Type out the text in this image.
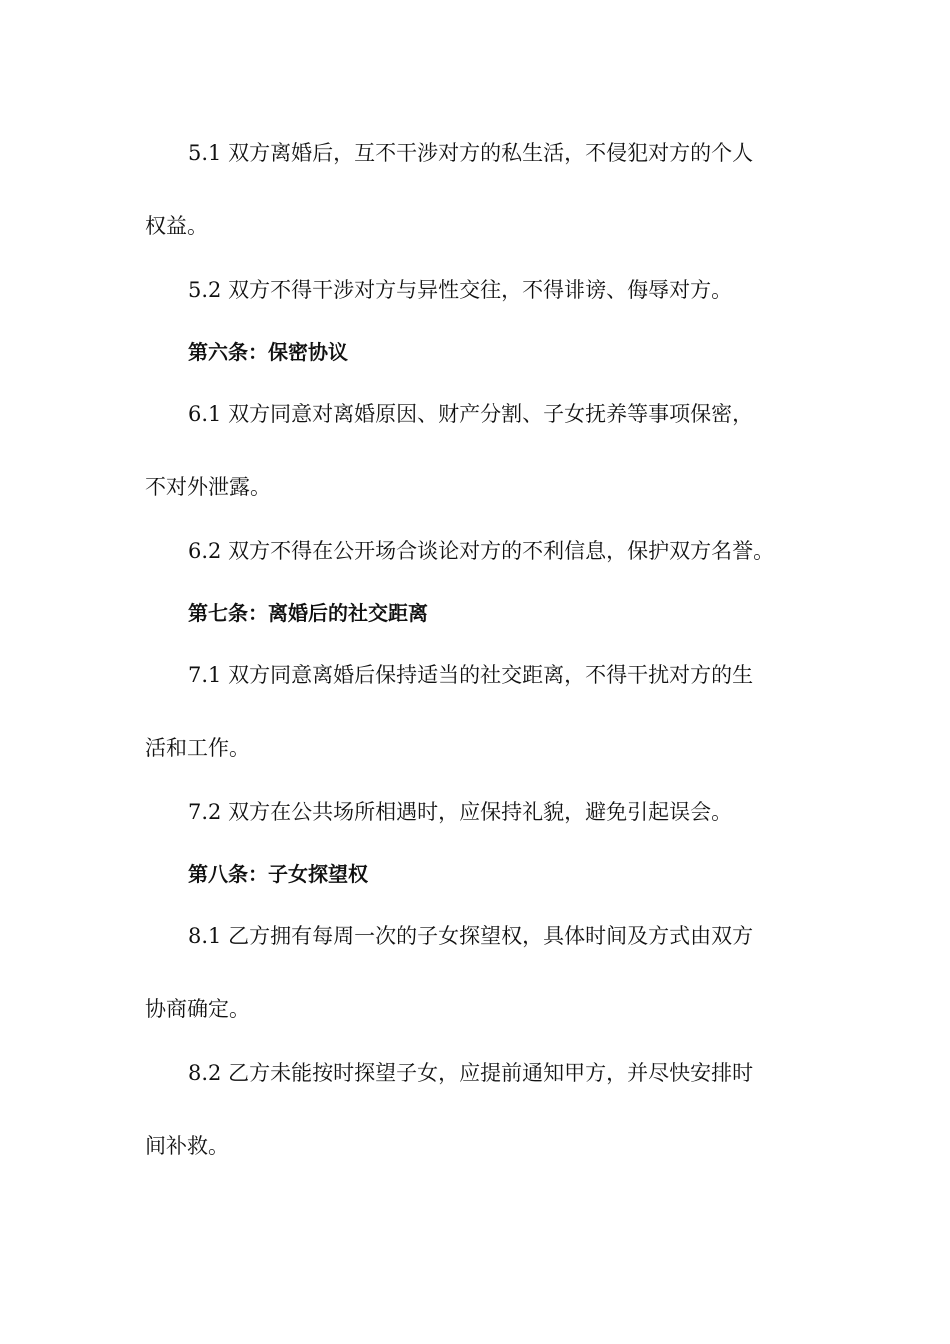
5.1 双方离婚后，互不干涉对方的私生活，不侵犯对方的个人
权益。
5.2 双方不得干涉对方与异性交往，不得诽谤、侮辱对方。
第六条：保密协议
6.1 双方同意对离婚原因、财产分割、子女抚养等事项保密，
不对外泄露。
6.2 双方不得在公开场合谈论对方的不利信息，保护双方名誉。
第七条：离婚后的社交距离
7.1 双方同意离婚后保持适当的社交距离，不得干扰对方的生
活和工作。
7.2 双方在公共场所相遇时，应保持礼貌，避免引起误会。
第八条：子女探望权
8.1 乙方拥有每周一次的子女探望权，具体时间及方式由双方
协商确定。
8.2 乙方未能按时探望子女，应提前通知甲方，并尽快安排时
间补救。
